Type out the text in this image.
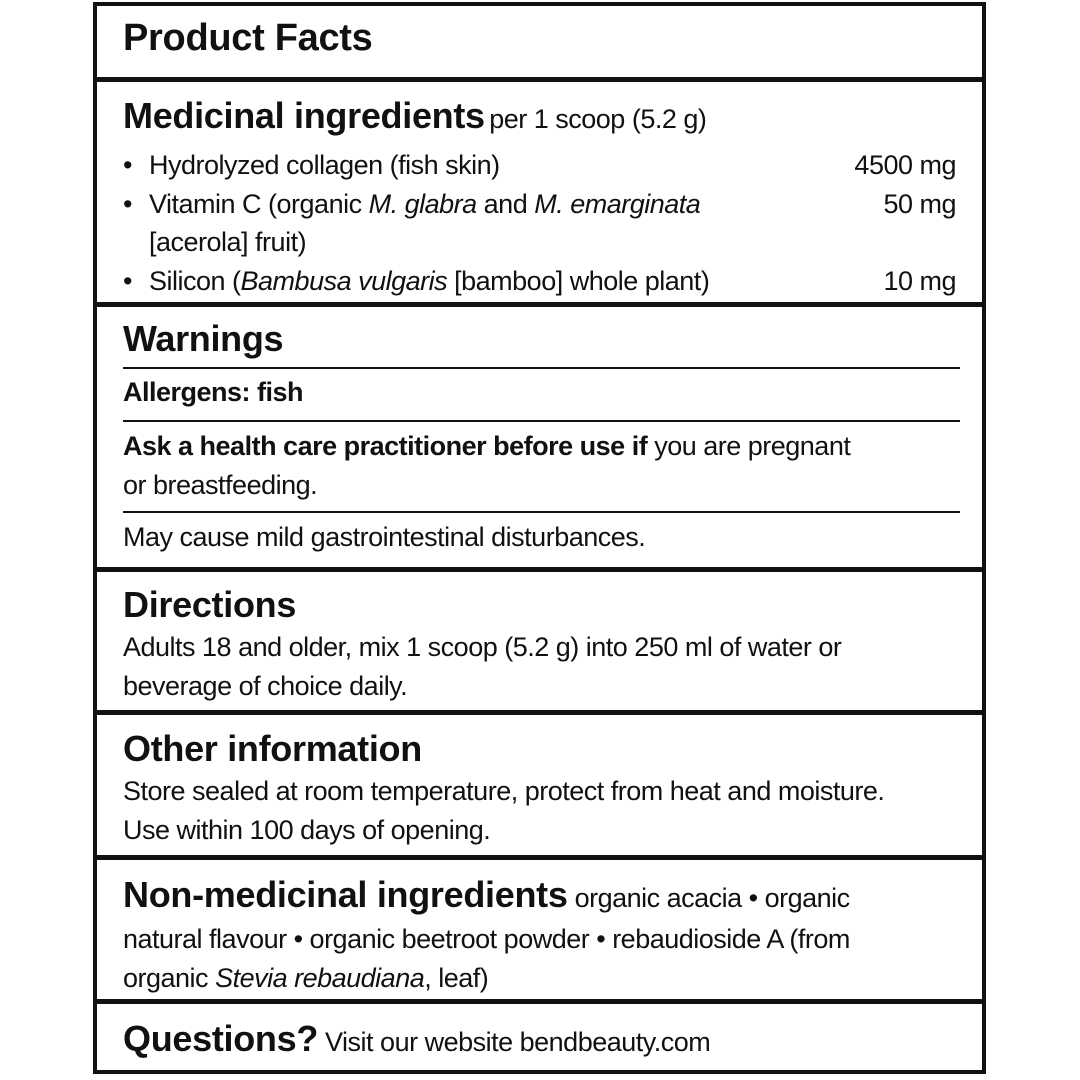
Product Facts
Medicinal ingredients per 1 scoop (5.2 g)
• Hydrolyzed collagen (fish skin)	4500 mg
• Vitamin C (organic M. glabra and M. emarginata	50 mg
[acerola] fruit)
• Silicon (Bambusa vulgaris [bamboo] whole plant)	10 mg
Warnings
Allergens: fish
Ask a health care practitioner before use if you are pregnant
or breastfeeding.
May cause mild gastrointestinal disturbances.
Directions
Adults 18 and older, mix 1 scoop (5.2 g) into 250 ml of water or
beverage of choice daily.
Other information
Store sealed at room temperature, protect from heat and moisture.
Use within 100 days of opening.
Non-medicinal ingredients organic acacia • organic
natural flavour • organic beetroot powder • rebaudioside A (from
organic Stevia rebaudiana, leaf)
Questions? Visit our website bendbeauty.com
